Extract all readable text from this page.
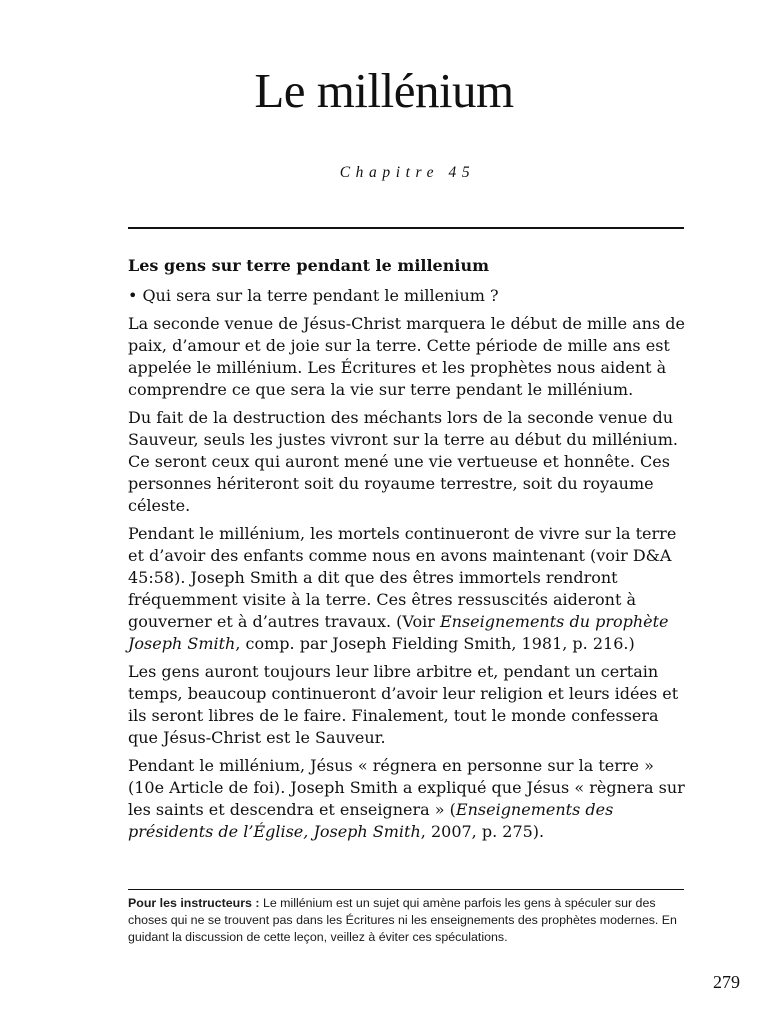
Le millénium
Chapitre 45
Les gens sur terre pendant le millenium
• Qui sera sur la terre pendant le millenium ?

La seconde venue de Jésus-Christ marquera le début de mille ans de paix, d’amour et de joie sur la terre. Cette période de mille ans est appelée le millénium. Les Écritures et les prophètes nous aident à comprendre ce que sera la vie sur terre pendant le millénium.

Du fait de la destruction des méchants lors de la seconde venue du Sauveur, seuls les justes vivront sur la terre au début du millénium. Ce seront ceux qui auront mené une vie vertueuse et honnête. Ces personnes hériteront soit du royaume terrestre, soit du royaume céleste.

Pendant le millénium, les mortels continueront de vivre sur la terre et d’avoir des enfants comme nous en avons maintenant (voir D&A 45:58). Joseph Smith a dit que des êtres immortels rendront fréquemment visite à la terre. Ces êtres ressuscités aideront à gouverner et à d’autres travaux. (Voir Enseignements du prophète Joseph Smith, comp. par Joseph Fielding Smith, 1981, p. 216.)

Les gens auront toujours leur libre arbitre et, pendant un certain temps, beaucoup continueront d’avoir leur religion et leurs idées et ils seront libres de le faire. Finalement, tout le monde confessera que Jésus-Christ est le Sauveur.

Pendant le millénium, Jésus « régnera en personne sur la terre » (10e Article de foi). Joseph Smith a expliqué que Jésus « règnera sur les saints et descendra et enseignera » (Enseignements des présidents de l’Église, Joseph Smith, 2007, p. 275).

Pour les instructeurs : Le millénium est un sujet qui amène parfois les gens à spéculer sur des choses qui ne se trouvent pas dans les Écritures ni les enseignements des prophètes modernes. En guidant la discussion de cette leçon, veillez à éviter ces spéculations.
279
